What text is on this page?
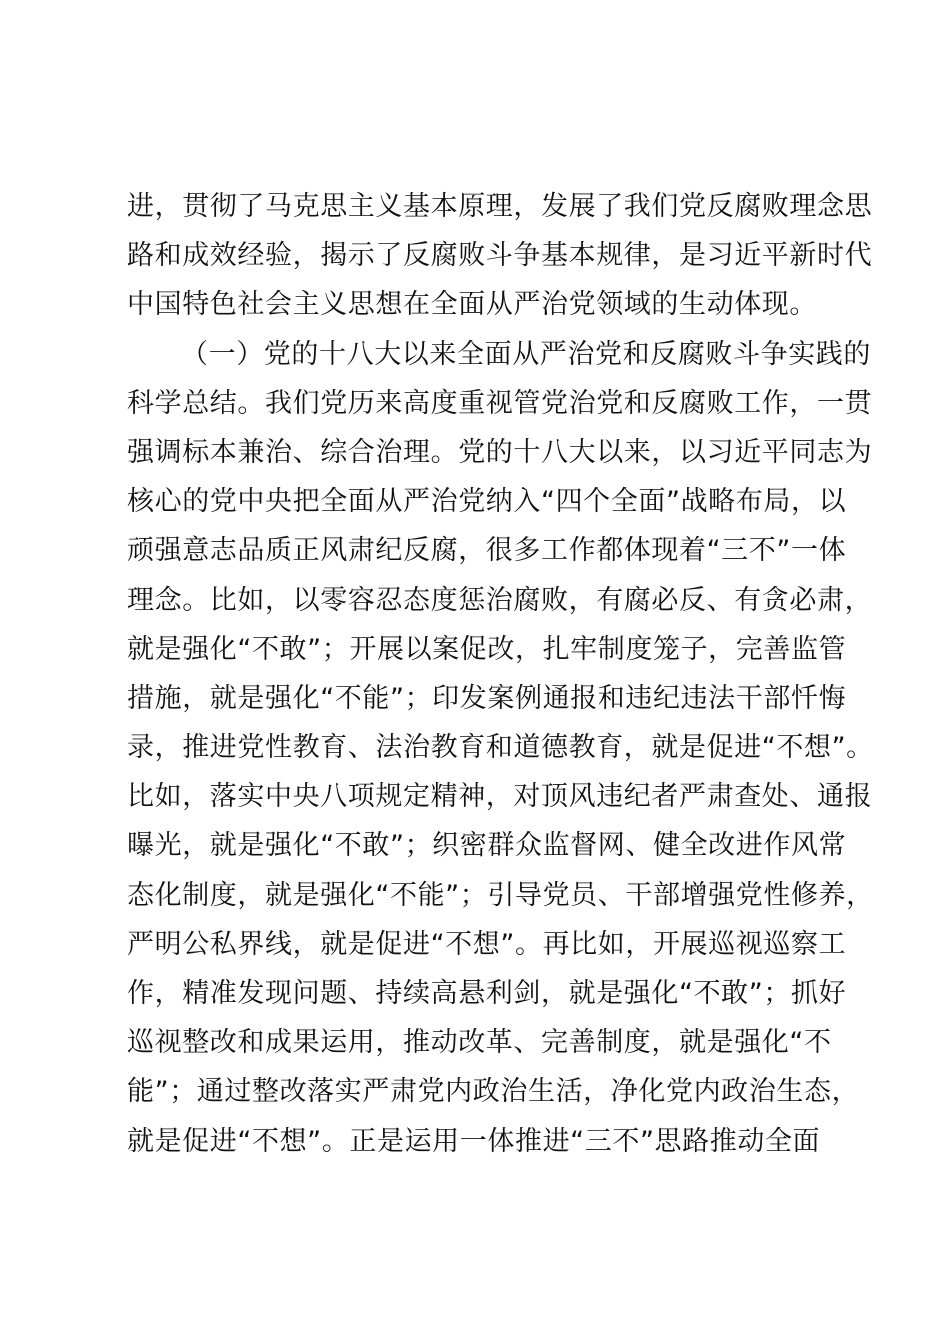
进，贯彻了马克思主义基本原理，发展了我们党反腐败理念思
路和成效经验，揭示了反腐败斗争基本规律，是习近平新时代
中国特色社会主义思想在全面从严治党领域的生动体现。
（一）党的十八大以来全面从严治党和反腐败斗争实践的
科学总结。我们党历来高度重视管党治党和反腐败工作，一贯
强调标本兼治、综合治理。党的十八大以来，以习近平同志为
核心的党中央把全面从严治党纳入“四个全面”战略布局，以
顽强意志品质正风肃纪反腐，很多工作都体现着“三不”一体
理念。比如，以零容忍态度惩治腐败，有腐必反、有贪必肃，
就是强化“不敢”；开展以案促改，扎牢制度笼子，完善监管
措施，就是强化“不能”；印发案例通报和违纪违法干部忏悔
录，推进党性教育、法治教育和道德教育，就是促进“不想”。
比如，落实中央八项规定精神，对顶风违纪者严肃查处、通报
曝光，就是强化“不敢”；织密群众监督网、健全改进作风常
态化制度，就是强化“不能”；引导党员、干部增强党性修养，
严明公私界线，就是促进“不想”。再比如，开展巡视巡察工
作，精准发现问题、持续高悬利剑，就是强化“不敢”；抓好
巡视整改和成果运用，推动改革、完善制度，就是强化“不
能”；通过整改落实严肃党内政治生活，净化党内政治生态，
就是促进“不想”。正是运用一体推进“三不”思路推动全面
